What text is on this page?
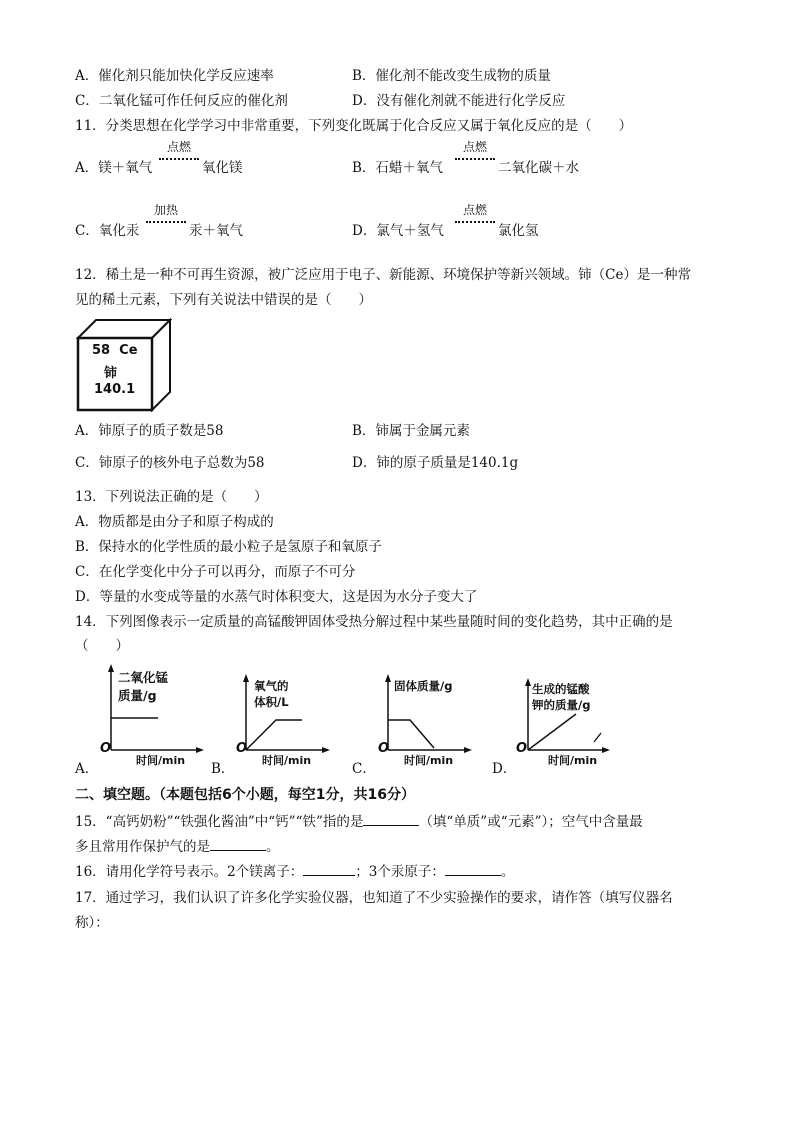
A．催化剂只能加快化学反应速率	B．催化剂不能改变生成物的质量
C．二氧化锰可作任何反应的催化剂	D．没有催化剂就不能进行化学反应
11．分类思想在化学学习中非常重要，下列变化既属于化合反应又属于氧化反应的是（　　）
A．镁＋氧气
点燃
氧化镁	B．石蜡＋氧气
点燃
二氧化碳＋水
C．氧化汞
加热
汞＋氧气	D．氯气＋氢气
点燃
氯化氢
12．稀土是一种不可再生资源，被广泛应用于电子、新能源、环境保护等新兴领域。铈（Ce）是一种常
见的稀土元素，下列有关说法中错误的是（　　）
58 Ce
铈
140.1
A．铈原子的质子数是58	B．铈属于金属元素
C．铈原子的核外电子总数为58	D．铈的原子质量是140.1g
13．下列说法正确的是（　　）
A．物质都是由分子和原子构成的
B．保持水的化学性质的最小粒子是氢原子和氧原子
C．在化学变化中分子可以再分，而原子不可分
D．等量的水变成等量的水蒸气时体积变大，这是因为水分子变大了
14．下列图像表示一定质量的高锰酸钾固体受热分解过程中某些量随时间的变化趋势，其中正确的是
（　　）
A．
二氧化锰
质量/g
O
时间/min
B．
氧气的
体积/L
O
时间/min
C．
固体质量/g
O
时间/min
D．
生成的锰酸
钾的质量/g
O
时间/min
二、填空题。（本题包括6个小题，每空1分，共16分）
15．“高钙奶粉”“铁强化酱油”中“钙”“铁”指的是	（填“单质”或“元素”）；空气中含量最
多且常用作保护气的是	。
16．请用化学符号表示。2个镁离子：	；3个汞原子：	。
17．通过学习，我们认识了许多化学实验仪器，也知道了不少实验操作的要求，请作答（填写仪器名
称）：
